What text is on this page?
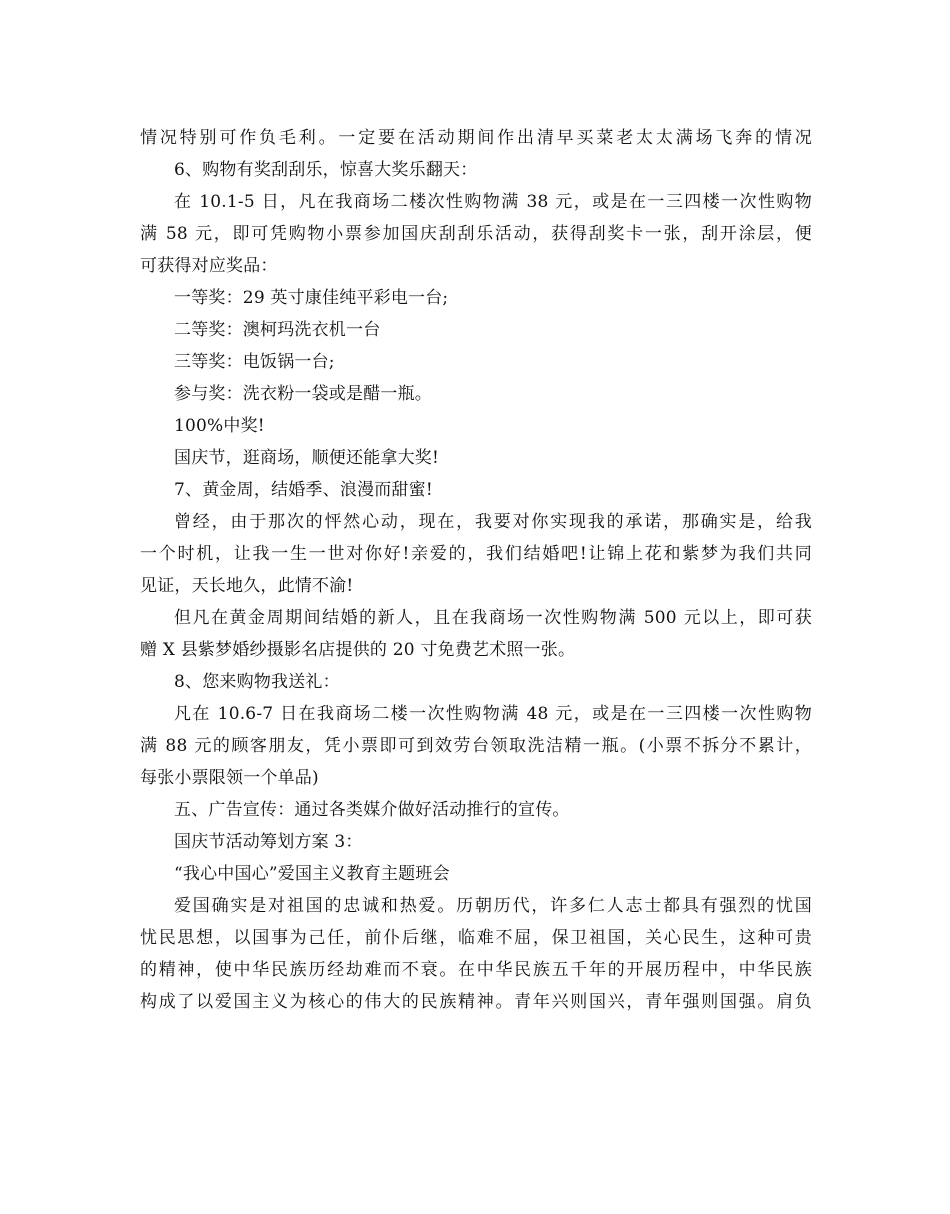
情况特别可作负毛利。一定要在活动期间作出清早买菜老太太满场飞奔的情况
6、购物有奖刮刮乐，惊喜大奖乐翻天：
在 10.1-5 日，凡在我商场二楼次性购物满 38 元，或是在一三四楼一次性购物
满 58 元，即可凭购物小票参加国庆刮刮乐活动，获得刮奖卡一张，刮开涂层，便
可获得对应奖品：
一等奖：29 英寸康佳纯平彩电一台;
二等奖：澳柯玛洗衣机一台
三等奖：电饭锅一台;
参与奖：洗衣粉一袋或是醋一瓶。
100%中奖!
国庆节，逛商场，顺便还能拿大奖!
7、黄金周，结婚季、浪漫而甜蜜!
曾经，由于那次的怦然心动，现在，我要对你实现我的承诺，那确实是，给我
一个时机，让我一生一世对你好!亲爱的，我们结婚吧!让锦上花和紫梦为我们共同
见证，天长地久，此情不渝!
但凡在黄金周期间结婚的新人，且在我商场一次性购物满 500 元以上，即可获
赠 X 县紫梦婚纱摄影名店提供的 20 寸免费艺术照一张。
8、您来购物我送礼：
凡在 10.6-7 日在我商场二楼一次性购物满 48 元，或是在一三四楼一次性购物
满 88 元的顾客朋友，凭小票即可到效劳台领取洗洁精一瓶。(小票不拆分不累计，
每张小票限领一个单品)
五、广告宣传：通过各类媒介做好活动推行的宣传。
国庆节活动筹划方案 3：
“我心中国心”爱国主义教育主题班会
爱国确实是对祖国的忠诚和热爱。历朝历代，许多仁人志士都具有强烈的忧国
忧民思想，以国事为己任，前仆后继，临难不屈，保卫祖国，关心民生，这种可贵
的精神，使中华民族历经劫难而不衰。在中华民族五千年的开展历程中，中华民族
构成了以爱国主义为核心的伟大的民族精神。青年兴则国兴，青年强则国强。肩负
